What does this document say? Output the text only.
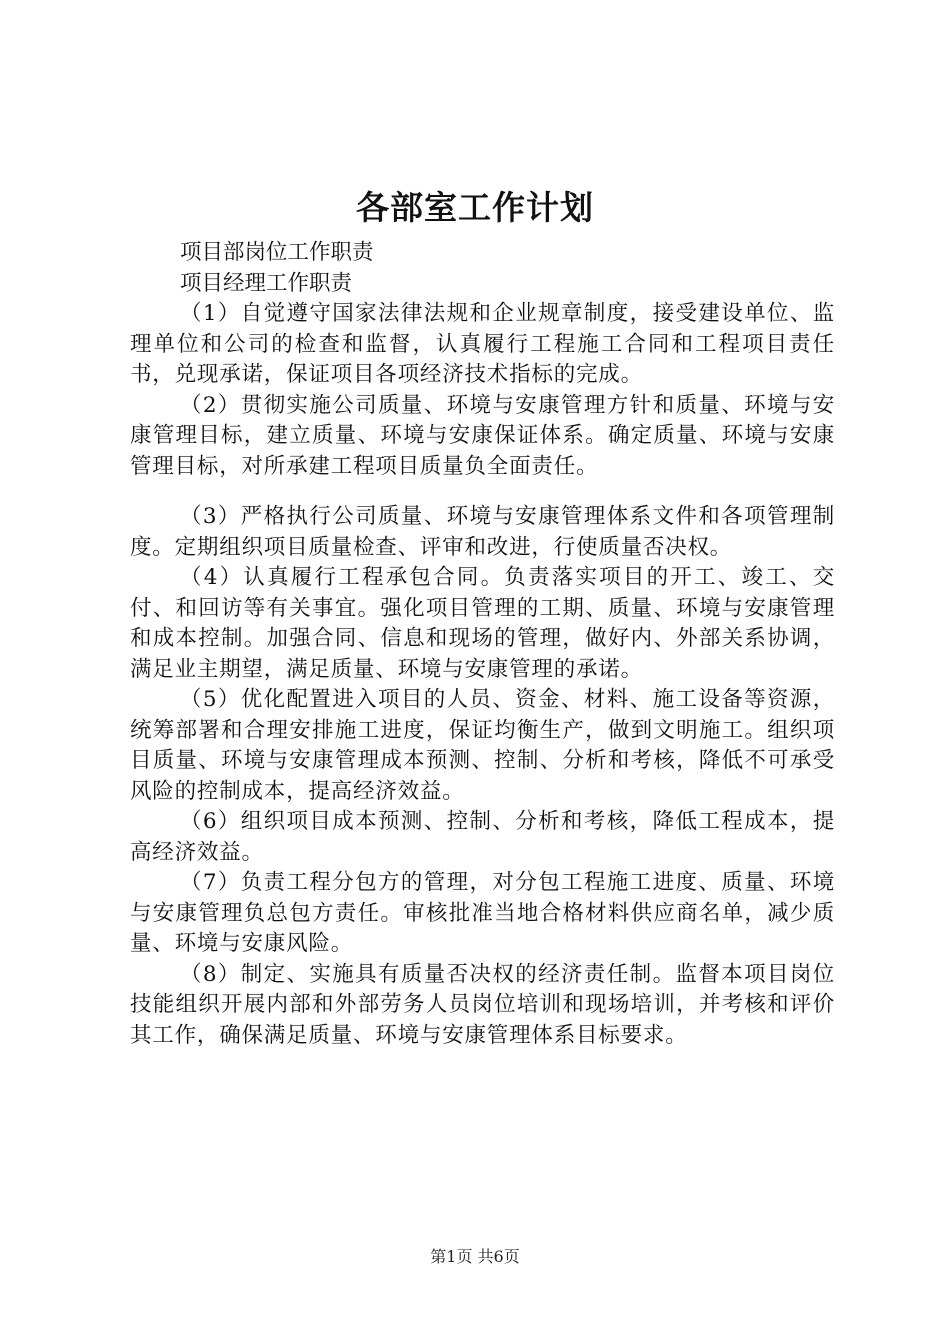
各部室工作计划

项目部岗位工作职责

项目经理工作职责

（1）自觉遵守国家法律法规和企业规章制度，接受建设单位、监理单位和公司的检查和监督，认真履行工程施工合同和工程项目责任书，兑现承诺，保证项目各项经济技术指标的完成。

（2）贯彻实施公司质量、环境与安康管理方针和质量、环境与安康管理目标，建立质量、环境与安康保证体系。确定质量、环境与安康管理目标，对所承建工程项目质量负全面责任。

（3）严格执行公司质量、环境与安康管理体系文件和各项管理制度。定期组织项目质量检查、评审和改进，行使质量否决权。

（4）认真履行工程承包合同。负责落实项目的开工、竣工、交付、和回访等有关事宜。强化项目管理的工期、质量、环境与安康管理和成本控制。加强合同、信息和现场的管理，做好内、外部关系协调，满足业主期望，满足质量、环境与安康管理的承诺。

（5）优化配置进入项目的人员、资金、材料、施工设备等资源，统筹部署和合理安排施工进度，保证均衡生产，做到文明施工。组织项目质量、环境与安康管理成本预测、控制、分析和考核，降低不可承受风险的控制成本，提高经济效益。

（6）组织项目成本预测、控制、分析和考核，降低工程成本，提高经济效益。

（7）负责工程分包方的管理，对分包工程施工进度、质量、环境与安康管理负总包方责任。审核批准当地合格材料供应商名单，减少质量、环境与安康风险。

（8）制定、实施具有质量否决权的经济责任制。监督本项目岗位技能组织开展内部和外部劳务人员岗位培训和现场培训，并考核和评价其工作，确保满足质量、环境与安康管理体系目标要求。

第1页 共6页
